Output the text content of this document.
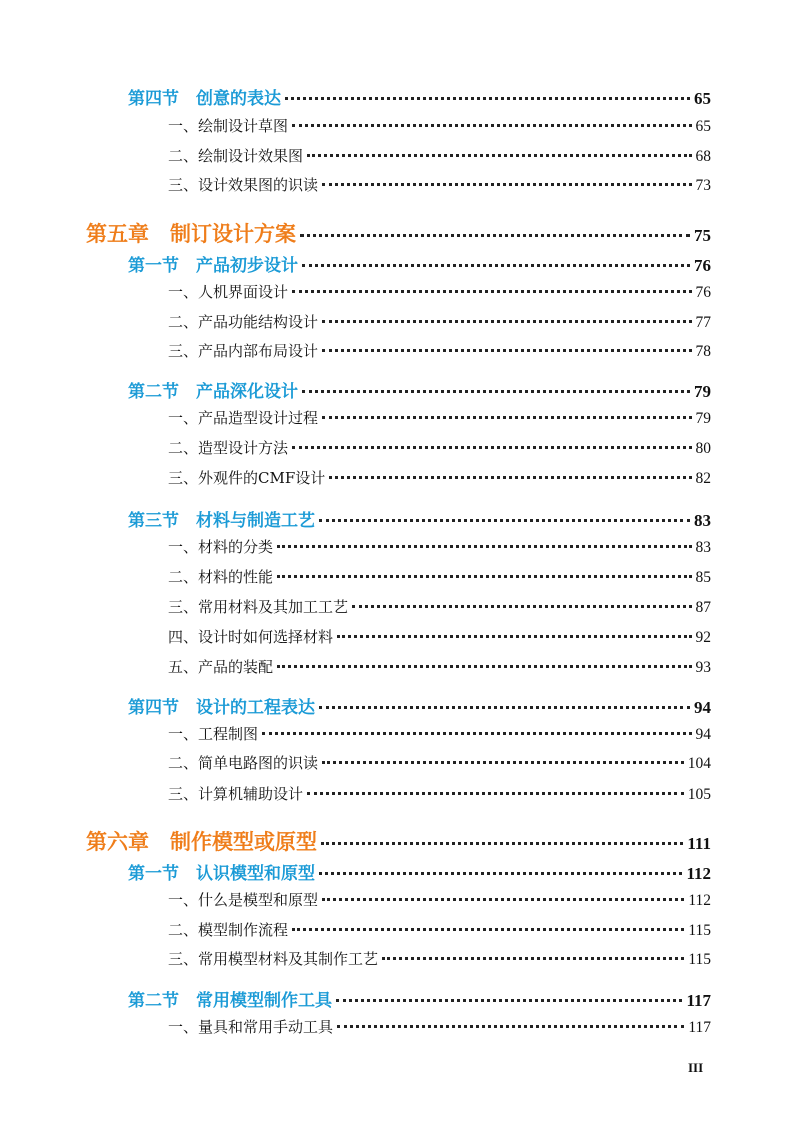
第四节　创意的表达	65
一、绘制设计草图	65
二、绘制设计效果图	68
三、设计效果图的识读	73
第五章　制订设计方案	75
第一节　产品初步设计	76
一、人机界面设计	76
二、产品功能结构设计	77
三、产品内部布局设计	78
第二节　产品深化设计	79
一、产品造型设计过程	79
二、造型设计方法	80
三、外观件的CMF设计	82
第三节　材料与制造工艺	83
一、材料的分类	83
二、材料的性能	85
三、常用材料及其加工工艺	87
四、设计时如何选择材料	92
五、产品的装配	93
第四节　设计的工程表达	94
一、工程制图	94
二、简单电路图的识读	104
三、计算机辅助设计	105
第六章　制作模型或原型	111
第一节　认识模型和原型	112
一、什么是模型和原型	112
二、模型制作流程	115
三、常用模型材料及其制作工艺	115
第二节　常用模型制作工具	117
一、量具和常用手动工具	117
III
